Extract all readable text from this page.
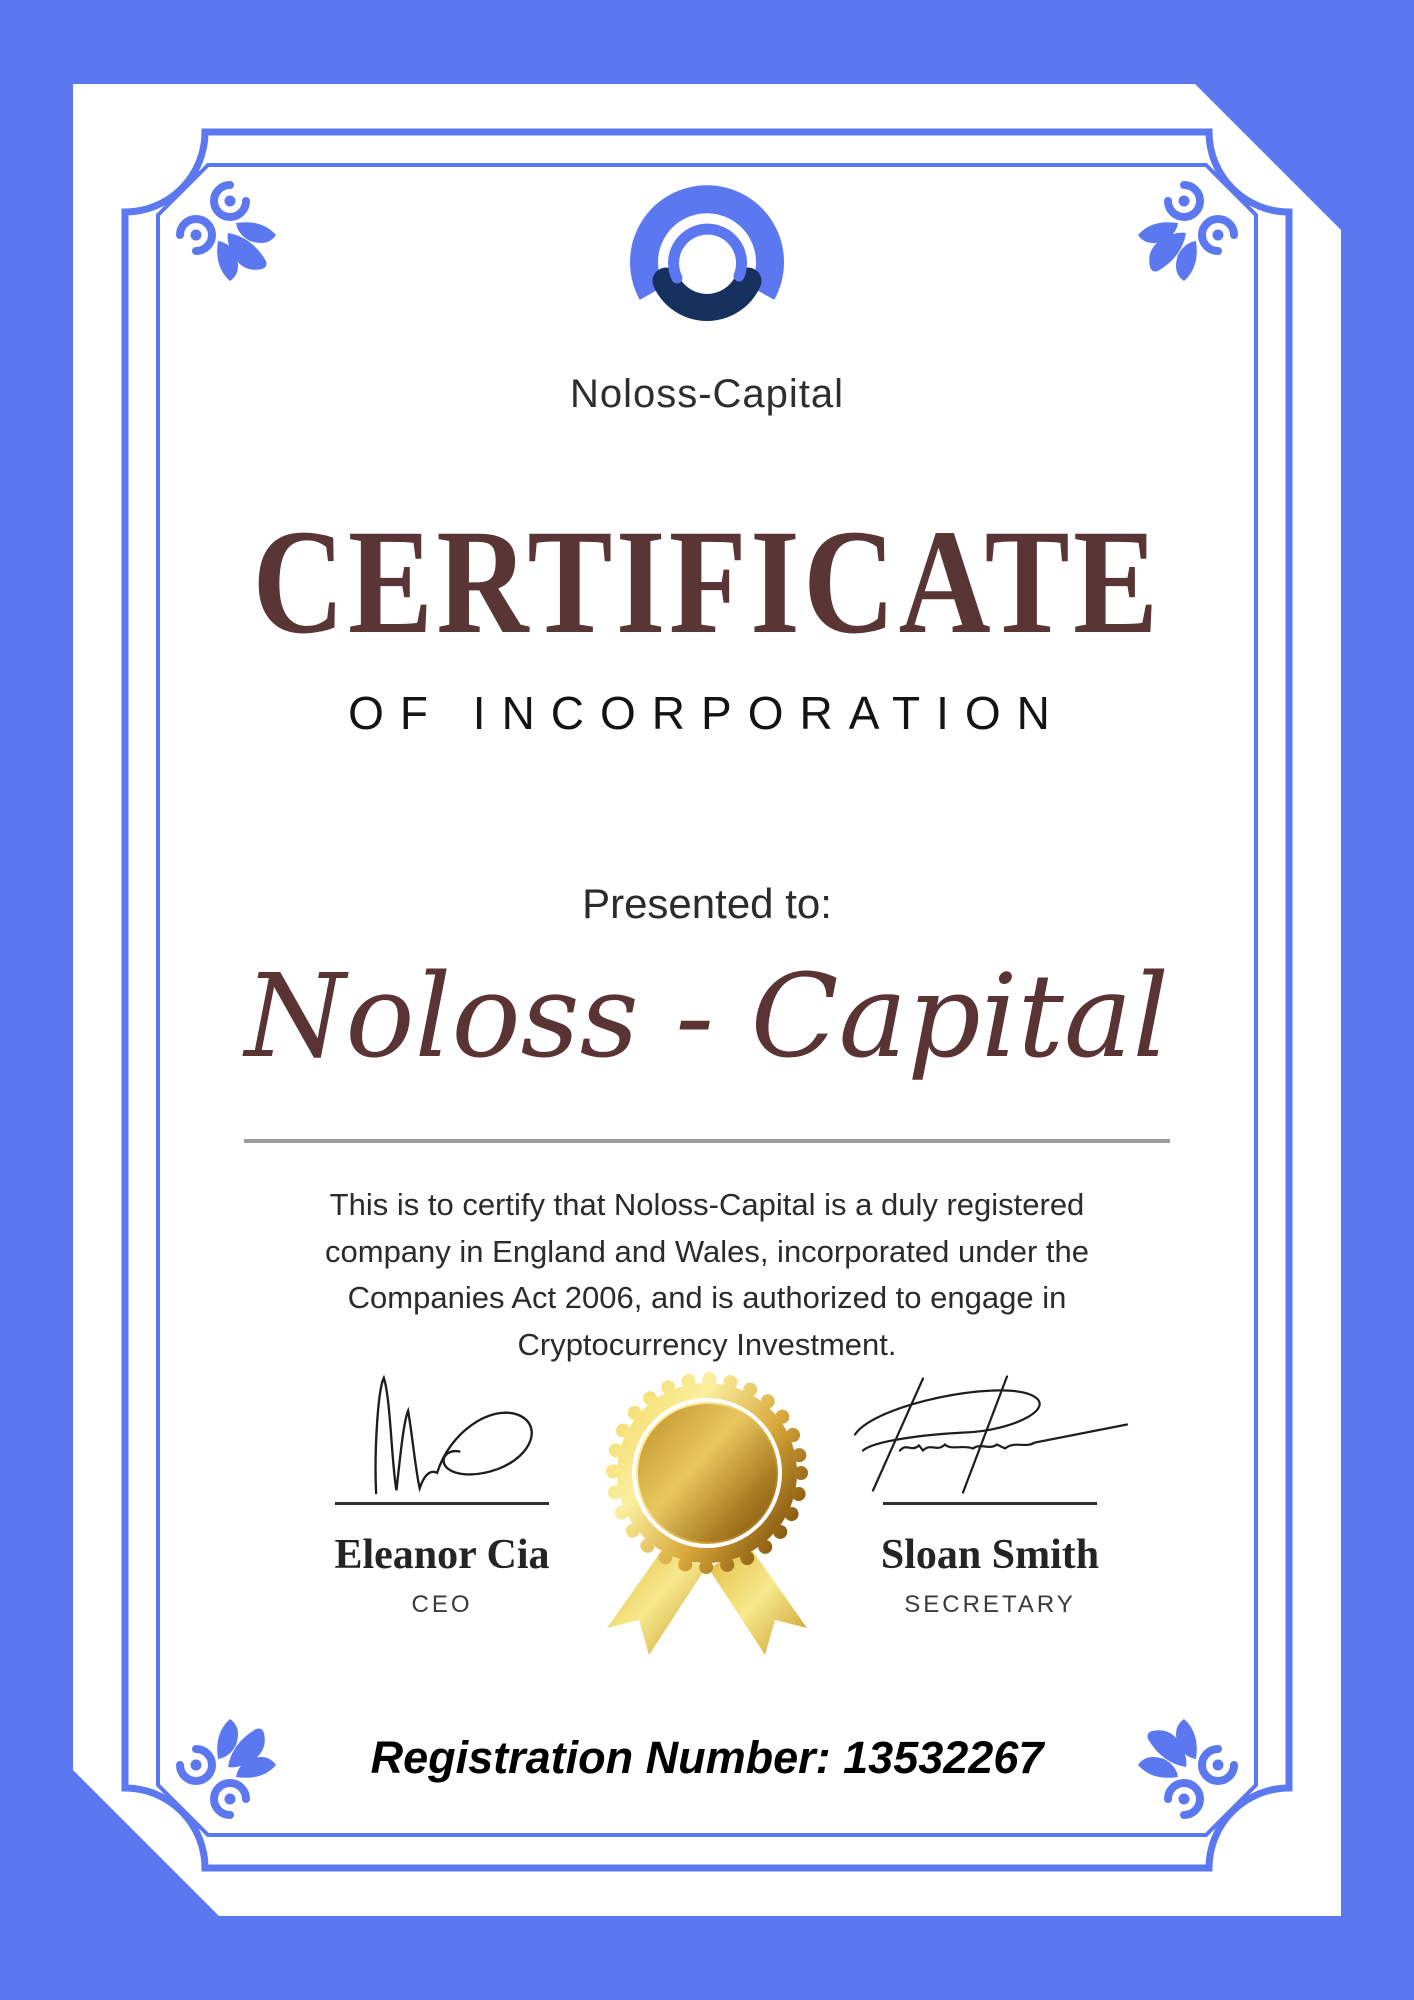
Noloss-Capital
CERTIFICATE
OF INCORPORATION
Presented to:
Noloss - Capital
This is to certify that Noloss-Capital is a duly registered company in England and Wales, incorporated under the Companies Act 2006, and is authorized to engage in Cryptocurrency Investment.
Eleanor Cia
CEO
Sloan Smith
SECRETARY
Registration Number: 13532267
